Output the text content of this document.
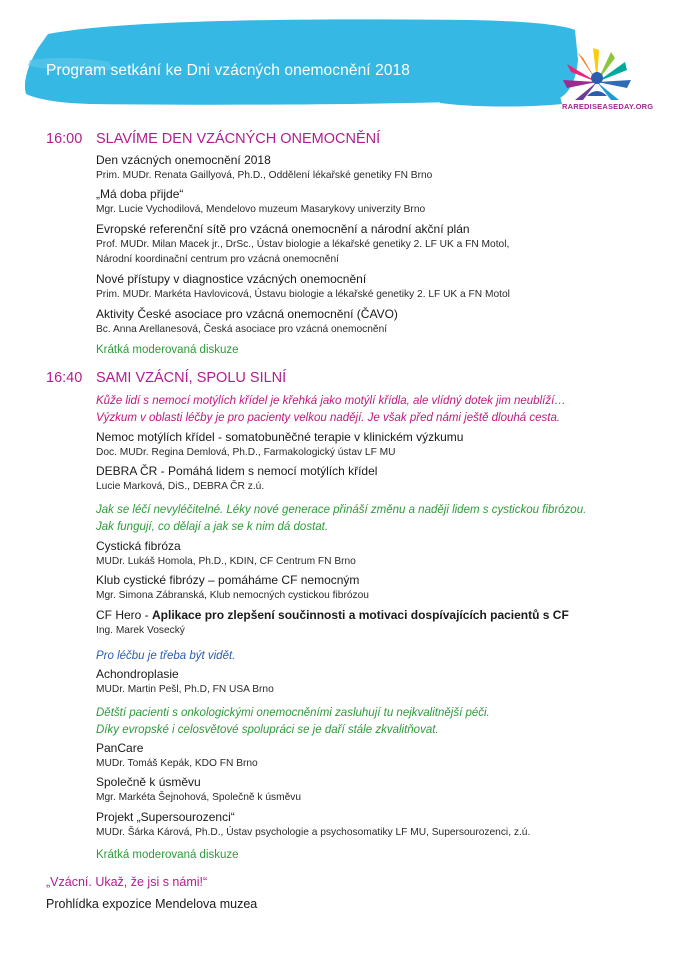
Program setkání ke Dni vzácných onemocnění 2018
RAREDISEASEDAY.ORG
16:00 SLAVÍME DEN VZÁCNÝCH ONEMOCNĚNÍ
Den vzácných onemocnění 2018
Prim. MUDr. Renata Gaillyová, Ph.D., Oddělení lékařské genetiky FN Brno
„Má doba přijde“
Mgr. Lucie Vychodilová, Mendelovo muzeum Masarykovy univerzity Brno
Evropské referenční sítě pro vzácná onemocnění a národní akční plán
Prof. MUDr. Milan Macek jr., DrSc., Ústav biologie a lékařské genetiky 2. LF UK a FN Motol,
Národní koordinační centrum pro vzácná onemocnění
Nové přístupy v diagnostice vzácných onemocnění
Prim. MUDr. Markéta Havlovicová, Ústavu biologie a lékařské genetiky 2. LF UK a FN Motol
Aktivity České asociace pro vzácná onemocnění (ČAVO)
Bc. Anna Arellanesová, Česká asociace pro vzácná onemocnění
Krátká moderovaná diskuze
16:40 SAMI VZÁCNÍ, SPOLU SILNÍ
Kůže lidí s nemocí motýlích křídel je křehká jako motýlí křídla, ale vlídný dotek jim neublíží…
Výzkum v oblasti léčby je pro pacienty velkou nadějí. Je však před námi ještě dlouhá cesta.
Nemoc motýlích křídel - somatobuněčné terapie v klinickém výzkumu
Doc. MUDr. Regina Demlová, Ph.D., Farmakologický ústav LF MU
DEBRA ČR - Pomáhá lidem s nemocí motýlích křídel
Lucie Marková, DiS., DEBRA ČR z.ú.
Jak se léčí nevyléčitelné. Léky nové generace přináší změnu a naději lidem s cystickou fibrózou.
Jak fungují, co dělají a jak se k nim dá dostat.
Cystická fibróza
MUDr. Lukáš Homola, Ph.D., KDIN, CF Centrum FN Brno
Klub cystické fibrózy – pomáháme CF nemocným
Mgr. Simona Zábranská, Klub nemocných cystickou fibrózou
CF Hero - Aplikace pro zlepšení součinnosti a motivaci dospívajících pacientů s CF
Ing. Marek Vosecký
Pro léčbu je třeba být vidět.
Achondroplasie
MUDr. Martin Pešl, Ph.D, FN USA Brno
Dětští pacienti s onkologickými onemocněními zasluhují tu nejkvalitnější péči.
Díky evropské i celosvětové spolupráci se je daří stále zkvalitňovat.
PanCare
MUDr. Tomáš Kepák, KDO FN Brno
Společně k úsměvu
Mgr. Markéta Šejnohová, Společně k úsměvu
Projekt „Supersourozenci“
MUDr. Šárka Kárová, Ph.D., Ústav psychologie a psychosomatiky LF MU, Supersourozenci, z.ú.
Krátká moderovaná diskuze
„Vzácní. Ukaž, že jsi s námi!“
Prohlídka expozice Mendelova muzea
